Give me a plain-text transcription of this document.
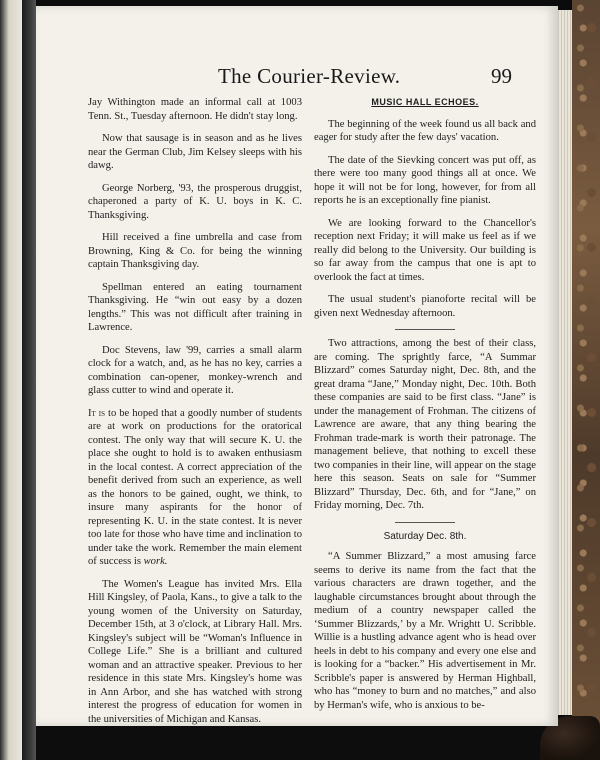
The Courier-Review.	99

Jay Withington made an informal call at 1003 Tenn. St., Tuesday afternoon. He didn't stay long.

Now that sausage is in season and as he lives near the German Club, Jim Kelsey sleeps with his dawg.

George Norberg, '93, the prosperous druggist, chaperoned a party of K. U. boys in K. C. Thanksgiving.

Hill received a fine umbrella and case from Browning, King & Co. for being the winning captain Thanksgiving day.

Spellman entered an eating tournament Thanksgiving. He “win out easy by a dozen lengths.” This was not difficult after training in Lawrence.

Doc Stevens, law '99, carries a small alarm clock for a watch, and, as he has no key, carries a combination can-opener, monkey-wrench and glass cutter to wind and operate it.

It is to be hoped that a goodly number of students are at work on productions for the oratorical contest. The only way that will secure K. U. the place she ought to hold is to awaken enthusiasm in the local contest. A correct appreciation of the benefit derived from such an experience, as well as the honors to be gained, ought, we think, to insure many aspirants for the honor of representing K. U. in the state contest. It is never too late for those who have time and inclination to under take the work. Remember the main element of success is work.

The Women's League has invited Mrs. Ella Hill Kingsley, of Paola, Kans., to give a talk to the young women of the University on Saturday, December 15th, at 3 o'clock, at Library Hall. Mrs. Kingsley's subject will be “Woman's Influence in College Life.” She is a brilliant and cultured woman and an attractive speaker. Previous to her residence in this state Mrs. Kingsley's home was in Ann Arbor, and she has watched with strong interest the progress of education for women in the universities of Michigan and Kansas.

MUSIC HALL ECHOES.

The beginning of the week found us all back and eager for study after the few days' vacation.

The date of the Sievking concert was put off, as there were too many good things all at once. We hope it will not be for long, however, for from all reports he is an exceptionally fine pianist.

We are looking forward to the Chancellor's reception next Friday; it will make us feel as if we really did belong to the University. Our building is so far away from the campus that one is apt to overlook the fact at times.

The usual student's pianoforte recital will be given next Wednesday afternoon.

Two attractions, among the best of their class, are coming. The sprightly farce, “A Summar Blizzard” comes Saturday night, Dec. 8th, and the great drama “Jane,” Monday night, Dec. 10th. Both these companies are said to be first class. “Jane” is under the management of Frohman. The citizens of Lawrence are aware, that any thing bearing the Frohman trade-mark is worth their patronage. The management believe, that nothing to excell these two companies in their line, will appear on the stage here this season. Seats on sale for “Summer Blizzard” Thursday, Dec. 6th, and for “Jane,” on Friday morning, Dec. 7th.

Saturday Dec. 8th.

“A Summer Blizzard,” a most amusing farce seems to derive its name from the fact that the various characters are drawn together, and the laughable circumstances brought about through the medium of a country newspaper called the ‘Summer Blizzards,’ by a Mr. Wrightt U. Scribble. Willie is a hustling advance agent who is head over heels in debt to his company and every one else and is looking for a “backer.” His advertisement in Mr. Scribble's paper is answered by Herman Highball, who has “money to burn and no matches,” and also by Herman's wife, who is anxious to be-
